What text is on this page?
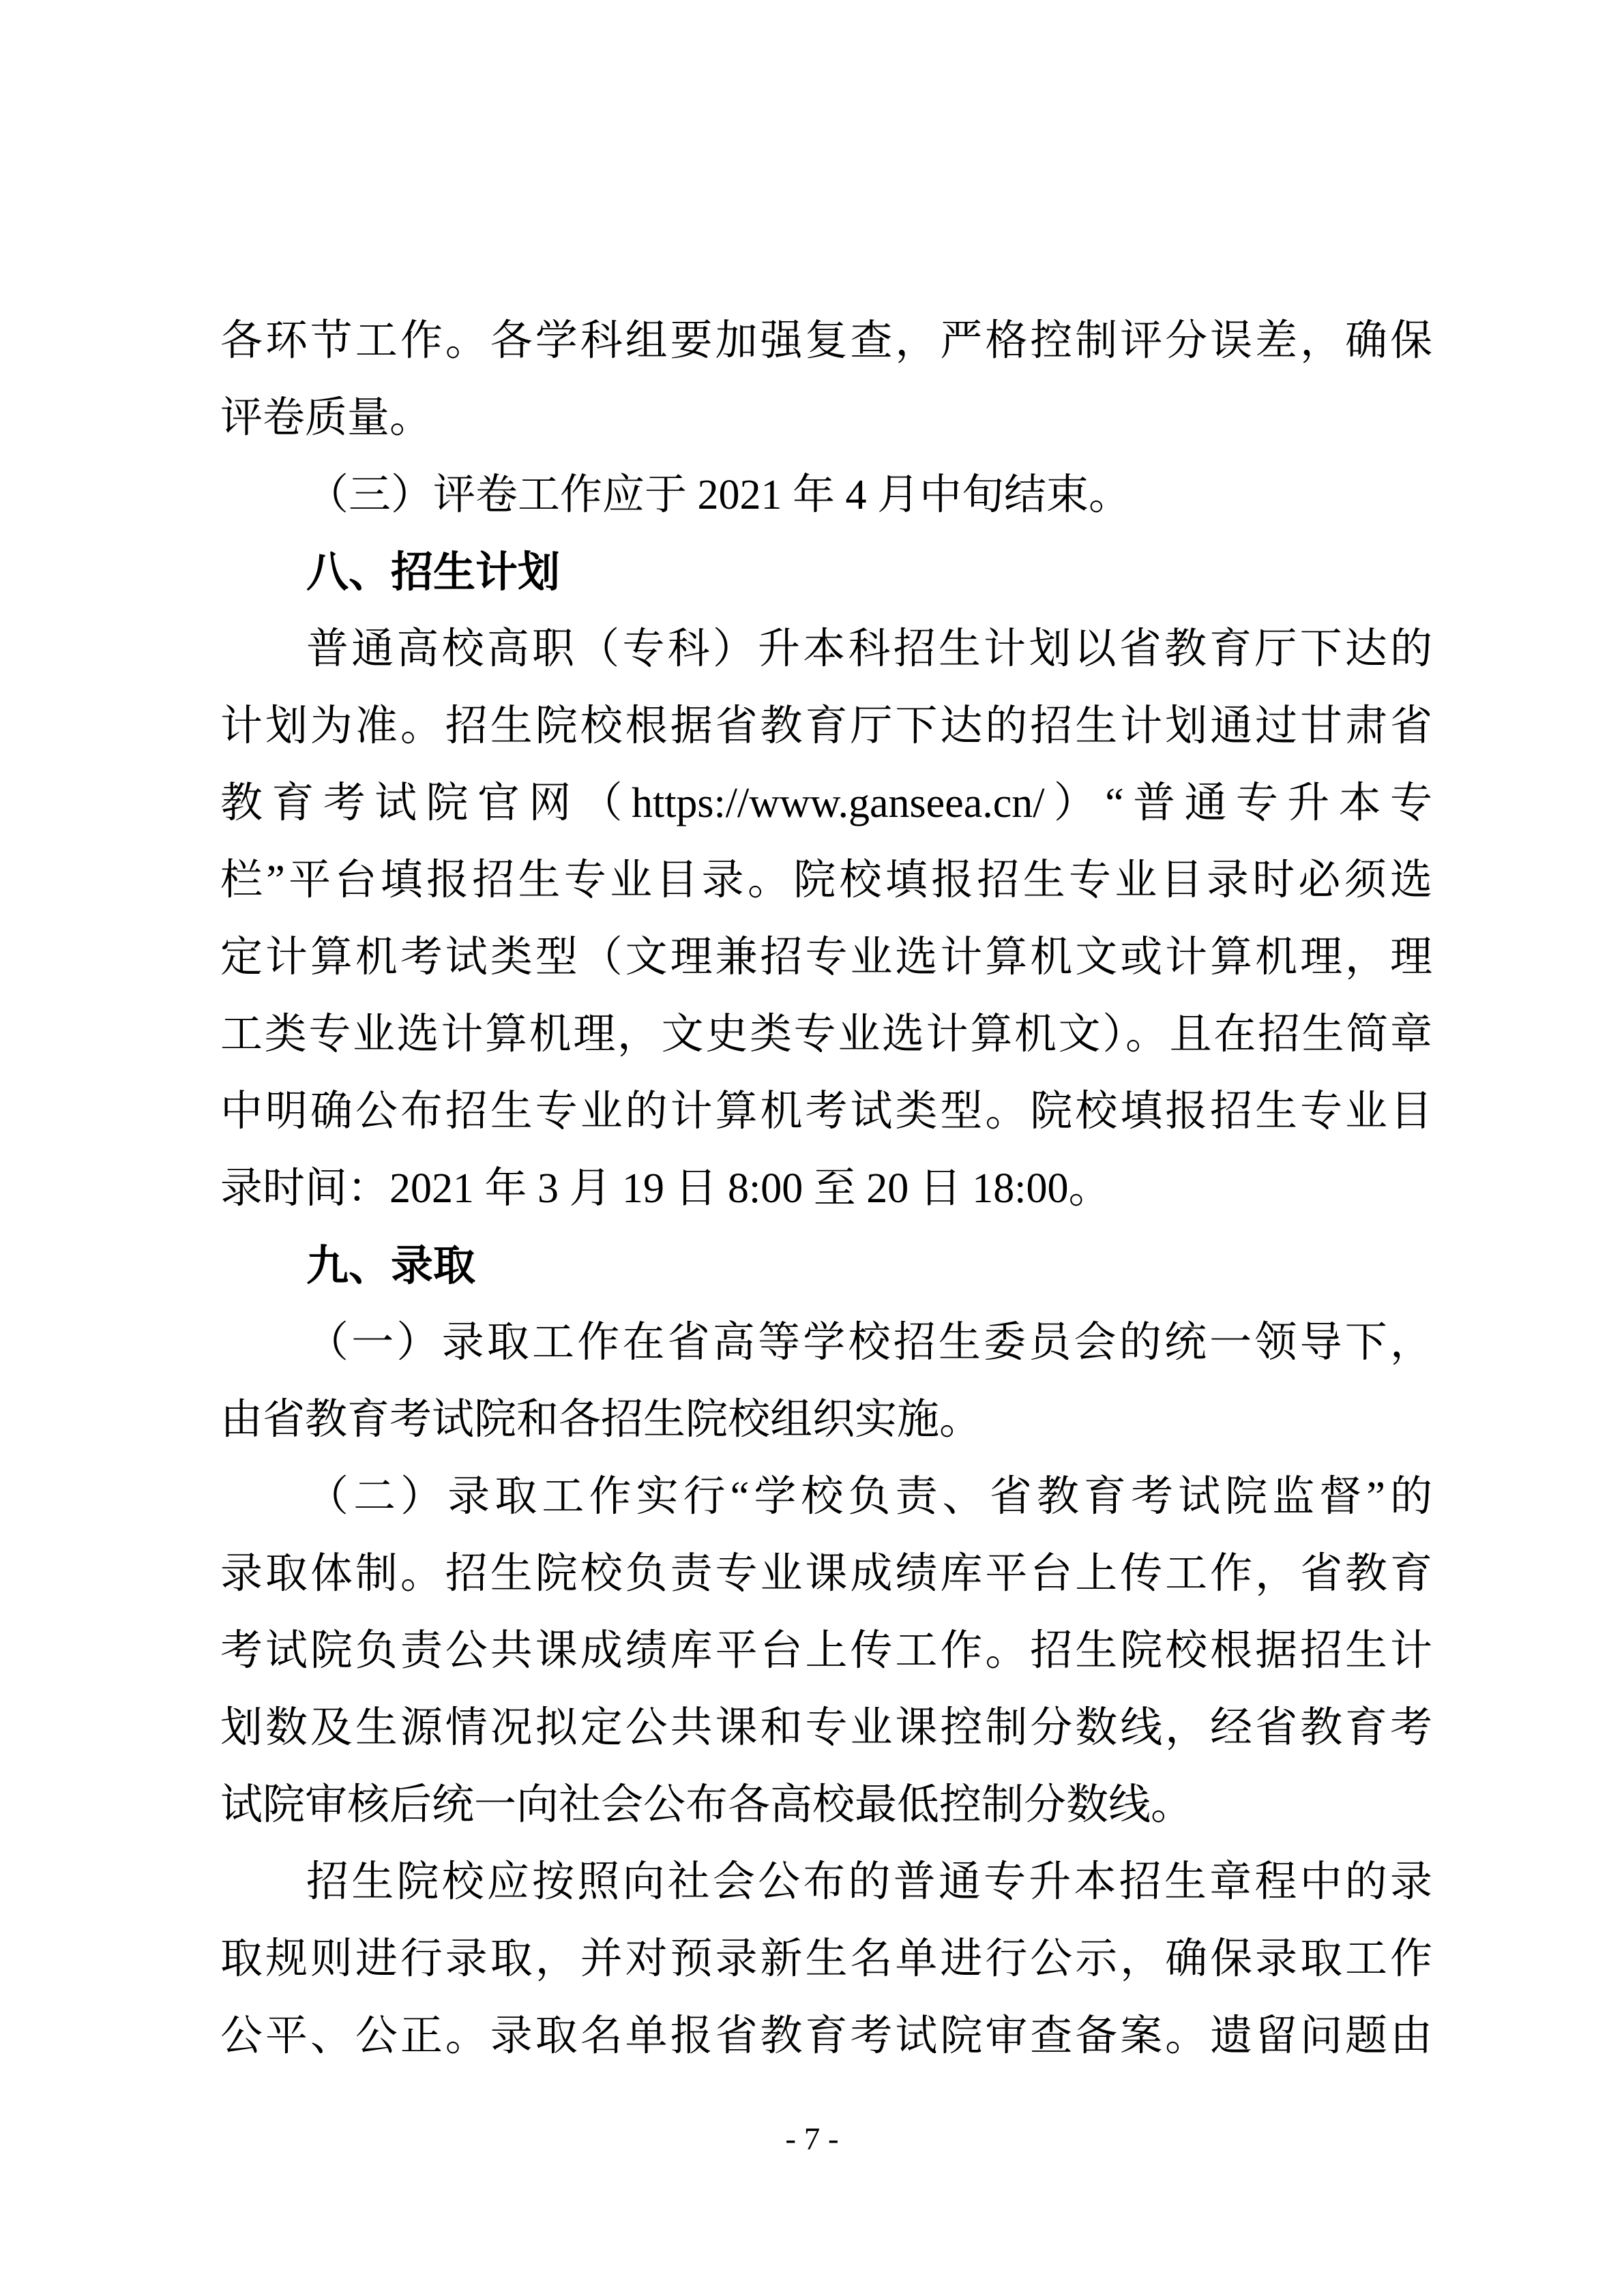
各环节工作。各学科组要加强复查，严格控制评分误差，确保
评卷质量。
（三）评卷工作应于 2021 年 4 月中旬结束。
八、招生计划
普通高校高职（专科）升本科招生计划以省教育厅下达的
计划为准。招生院校根据省教育厅下达的招生计划通过甘肃省
教育考试院官网（https://www.ganseea.cn/）“普通专升本专
栏”平台填报招生专业目录。院校填报招生专业目录时必须选
定计算机考试类型（文理兼招专业选计算机文或计算机理，理
工类专业选计算机理，文史类专业选计算机文）。且在招生简章
中明确公布招生专业的计算机考试类型。院校填报招生专业目
录时间：2021 年 3 月 19 日 8:00 至 20 日 18:00。
九、录取
（一）录取工作在省高等学校招生委员会的统一领导下，
由省教育考试院和各招生院校组织实施。
（二）录取工作实行“学校负责、省教育考试院监督”的
录取体制。招生院校负责专业课成绩库平台上传工作，省教育
考试院负责公共课成绩库平台上传工作。招生院校根据招生计
划数及生源情况拟定公共课和专业课控制分数线，经省教育考
试院审核后统一向社会公布各高校最低控制分数线。
招生院校应按照向社会公布的普通专升本招生章程中的录
取规则进行录取，并对预录新生名单进行公示，确保录取工作
公平、公正。录取名单报省教育考试院审查备案。遗留问题由
- 7 -
